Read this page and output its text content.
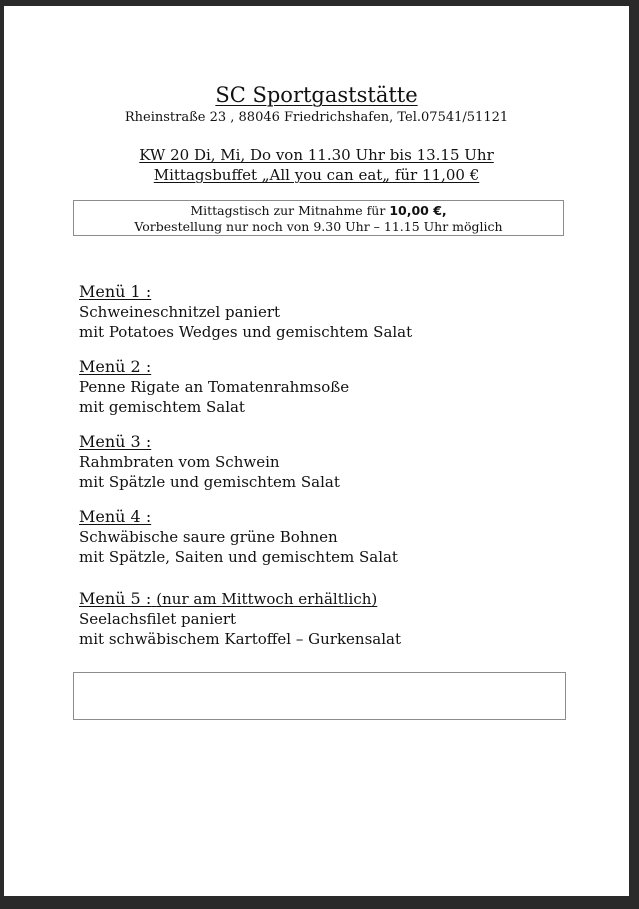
SC Sportgaststätte
Rheinstraße 23 , 88046 Friedrichshafen, Tel.07541/51121
KW 20 Di, Mi, Do von 11.30 Uhr bis 13.15 Uhr
Mittagsbuffet „All you can eat„ für 11,00 €
Mittagstisch zur Mitnahme für 10,00 €,
Vorbestellung nur noch von 9.30 Uhr – 11.15 Uhr möglich
Menü 1 :
Schweineschnitzel paniert
mit Potatoes Wedges und gemischtem Salat
Menü 2 :
Penne Rigate an Tomatenrahmsoße
mit gemischtem Salat
Menü 3 :
Rahmbraten vom Schwein
mit Spätzle und gemischtem Salat
Menü 4 :
Schwäbische saure grüne Bohnen
mit Spätzle, Saiten und gemischtem Salat
Menü 5 : (nur am Mittwoch erhältlich)
Seelachsfilet paniert
mit schwäbischem Kartoffel – Gurkensalat
